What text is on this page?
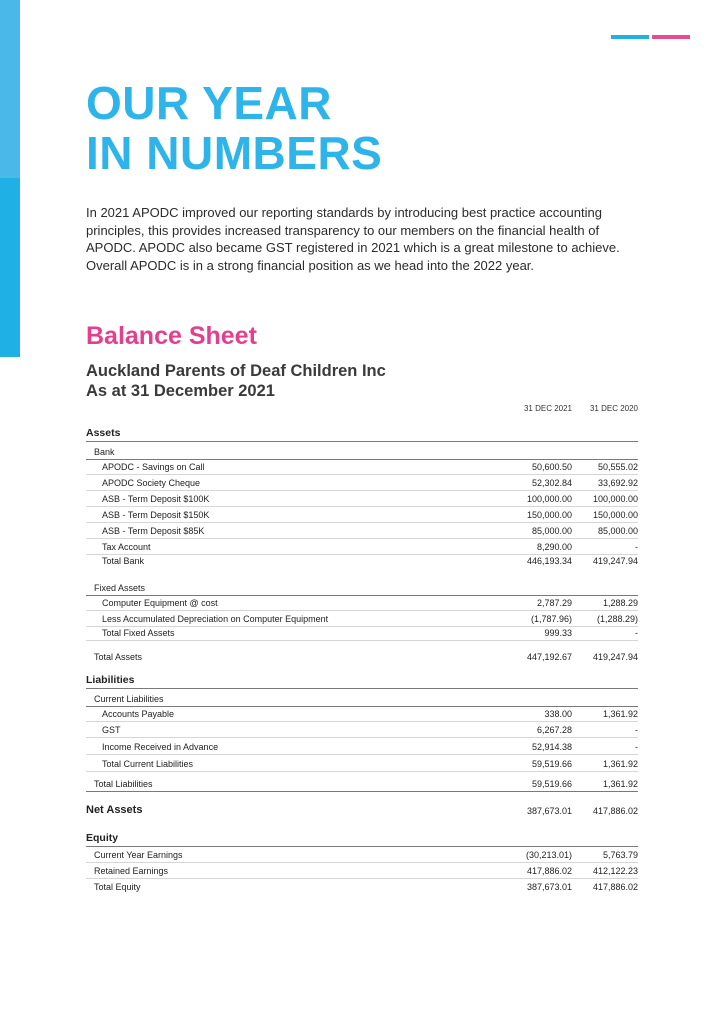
OUR YEAR
IN NUMBERS

In 2021 APODC improved our reporting standards by introducing best practice accounting principles, this provides increased transparency to our members on the financial health of APODC. APODC also became GST registered in 2021 which is a great milestone to achieve. Overall APODC is in a strong financial position as we head into the 2022 year.

Balance Sheet
Auckland Parents of Deaf Children Inc
As at 31 December 2021
31 DEC 2021	31 DEC 2020
Assets
Bank
APODC - Savings on Call	50,600.50	50,555.02
APODC Society Cheque	52,302.84	33,692.92
ASB - Term Deposit $100K	100,000.00	100,000.00
ASB - Term Deposit $150K	150,000.00	150,000.00
ASB - Term Deposit $85K	85,000.00	85,000.00
Tax Account	8,290.00	-
Total Bank	446,193.34	419,247.94
Fixed Assets
Computer Equipment @ cost	2,787.29	1,288.29
Less Accumulated Depreciation on Computer Equipment	(1,787.96)	(1,288.29)
Total Fixed Assets	999.33	-
Total Assets	447,192.67	419,247.94
Liabilities
Current Liabilities
Accounts Payable	338.00	1,361.92
GST	6,267.28	-
Income Received in Advance	52,914.38	-
Total Current Liabilities	59,519.66	1,361.92
Total Liabilities	59,519.66	1,361.92
Net Assets	387,673.01	417,886.02
Equity
Current Year Earnings	(30,213.01)	5,763.79
Retained Earnings	417,886.02	412,122.23
Total Equity	387,673.01	417,886.02
